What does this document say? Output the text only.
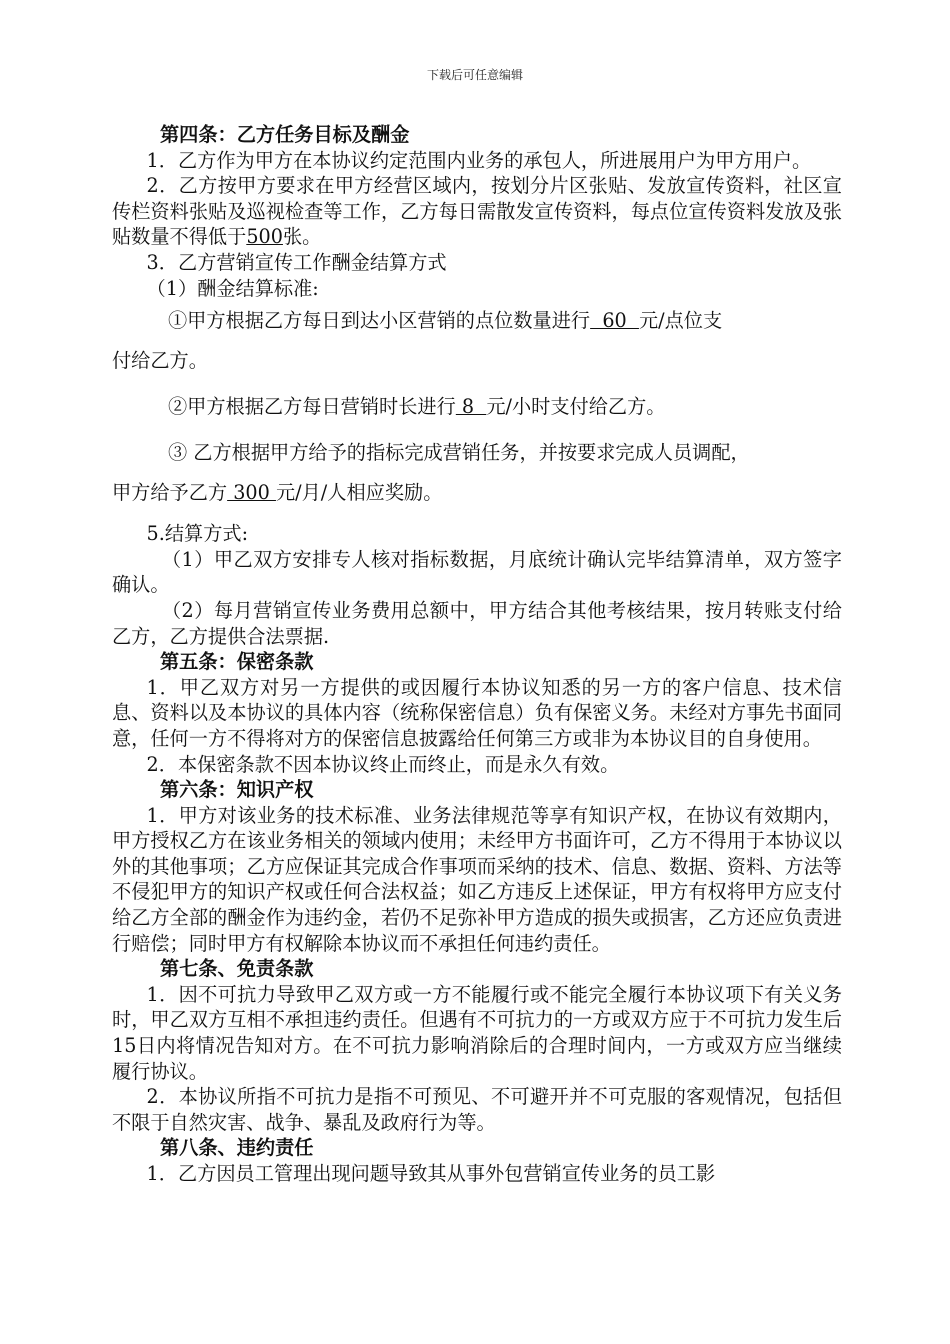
下载后可任意编辑

第四条：乙方任务目标及酬金

1．乙方作为甲方在本协议约定范围内业务的承包人，所进展用户为甲方用户。

2．乙方按甲方要求在甲方经营区域内，按划分片区张贴、发放宣传资料，社区宣传栏资料张贴及巡视检查等工作，乙方每日需散发宣传资料，每点位宣传资料发放及张贴数量不得低于500张。

3．乙方营销宣传工作酬金结算方式

（1）酬金结算标准:

①甲方根据乙方每日到达小区营销的点位数量进行  60  元/点位支

付给乙方。

②甲方根据乙方每日营销时长进行 8  元/小时支付给乙方。

③ 乙方根据甲方给予的指标完成营销任务，并按要求完成人员调配，

甲方给予乙方 300 元/月/人相应奖励。

5.结算方式:

（1）甲乙双方安排专人核对指标数据，月底统计确认完毕结算清单，双方签字确认。

（2）每月营销宣传业务费用总额中，甲方结合其他考核结果，按月转账支付给乙方，乙方提供合法票据.

第五条：保密条款

1．甲乙双方对另一方提供的或因履行本协议知悉的另一方的客户信息、技术信息、资料以及本协议的具体内容（统称保密信息）负有保密义务。未经对方事先书面同意，任何一方不得将对方的保密信息披露给任何第三方或非为本协议目的自身使用。

2．本保密条款不因本协议终止而终止，而是永久有效。

第六条：知识产权

1．甲方对该业务的技术标准、业务法律规范等享有知识产权，在协议有效期内，甲方授权乙方在该业务相关的领域内使用；未经甲方书面许可，乙方不得用于本协议以外的其他事项；乙方应保证其完成合作事项而采纳的技术、信息、数据、资料、方法等不侵犯甲方的知识产权或任何合法权益；如乙方违反上述保证，甲方有权将甲方应支付给乙方全部的酬金作为违约金，若仍不足弥补甲方造成的损失或损害，乙方还应负责进行赔偿；同时甲方有权解除本协议而不承担任何违约责任。

第七条、免责条款

1．因不可抗力导致甲乙双方或一方不能履行或不能完全履行本协议项下有关义务时，甲乙双方互相不承担违约责任。但遇有不可抗力的一方或双方应于不可抗力发生后15日内将情况告知对方。在不可抗力影响消除后的合理时间内，一方或双方应当继续履行协议。

2．本协议所指不可抗力是指不可预见、不可避开并不可克服的客观情况，包括但不限于自然灾害、战争、暴乱及政府行为等。

第八条、违约责任

1．乙方因员工管理出现问题导致其从事外包营销宣传业务的员工影
